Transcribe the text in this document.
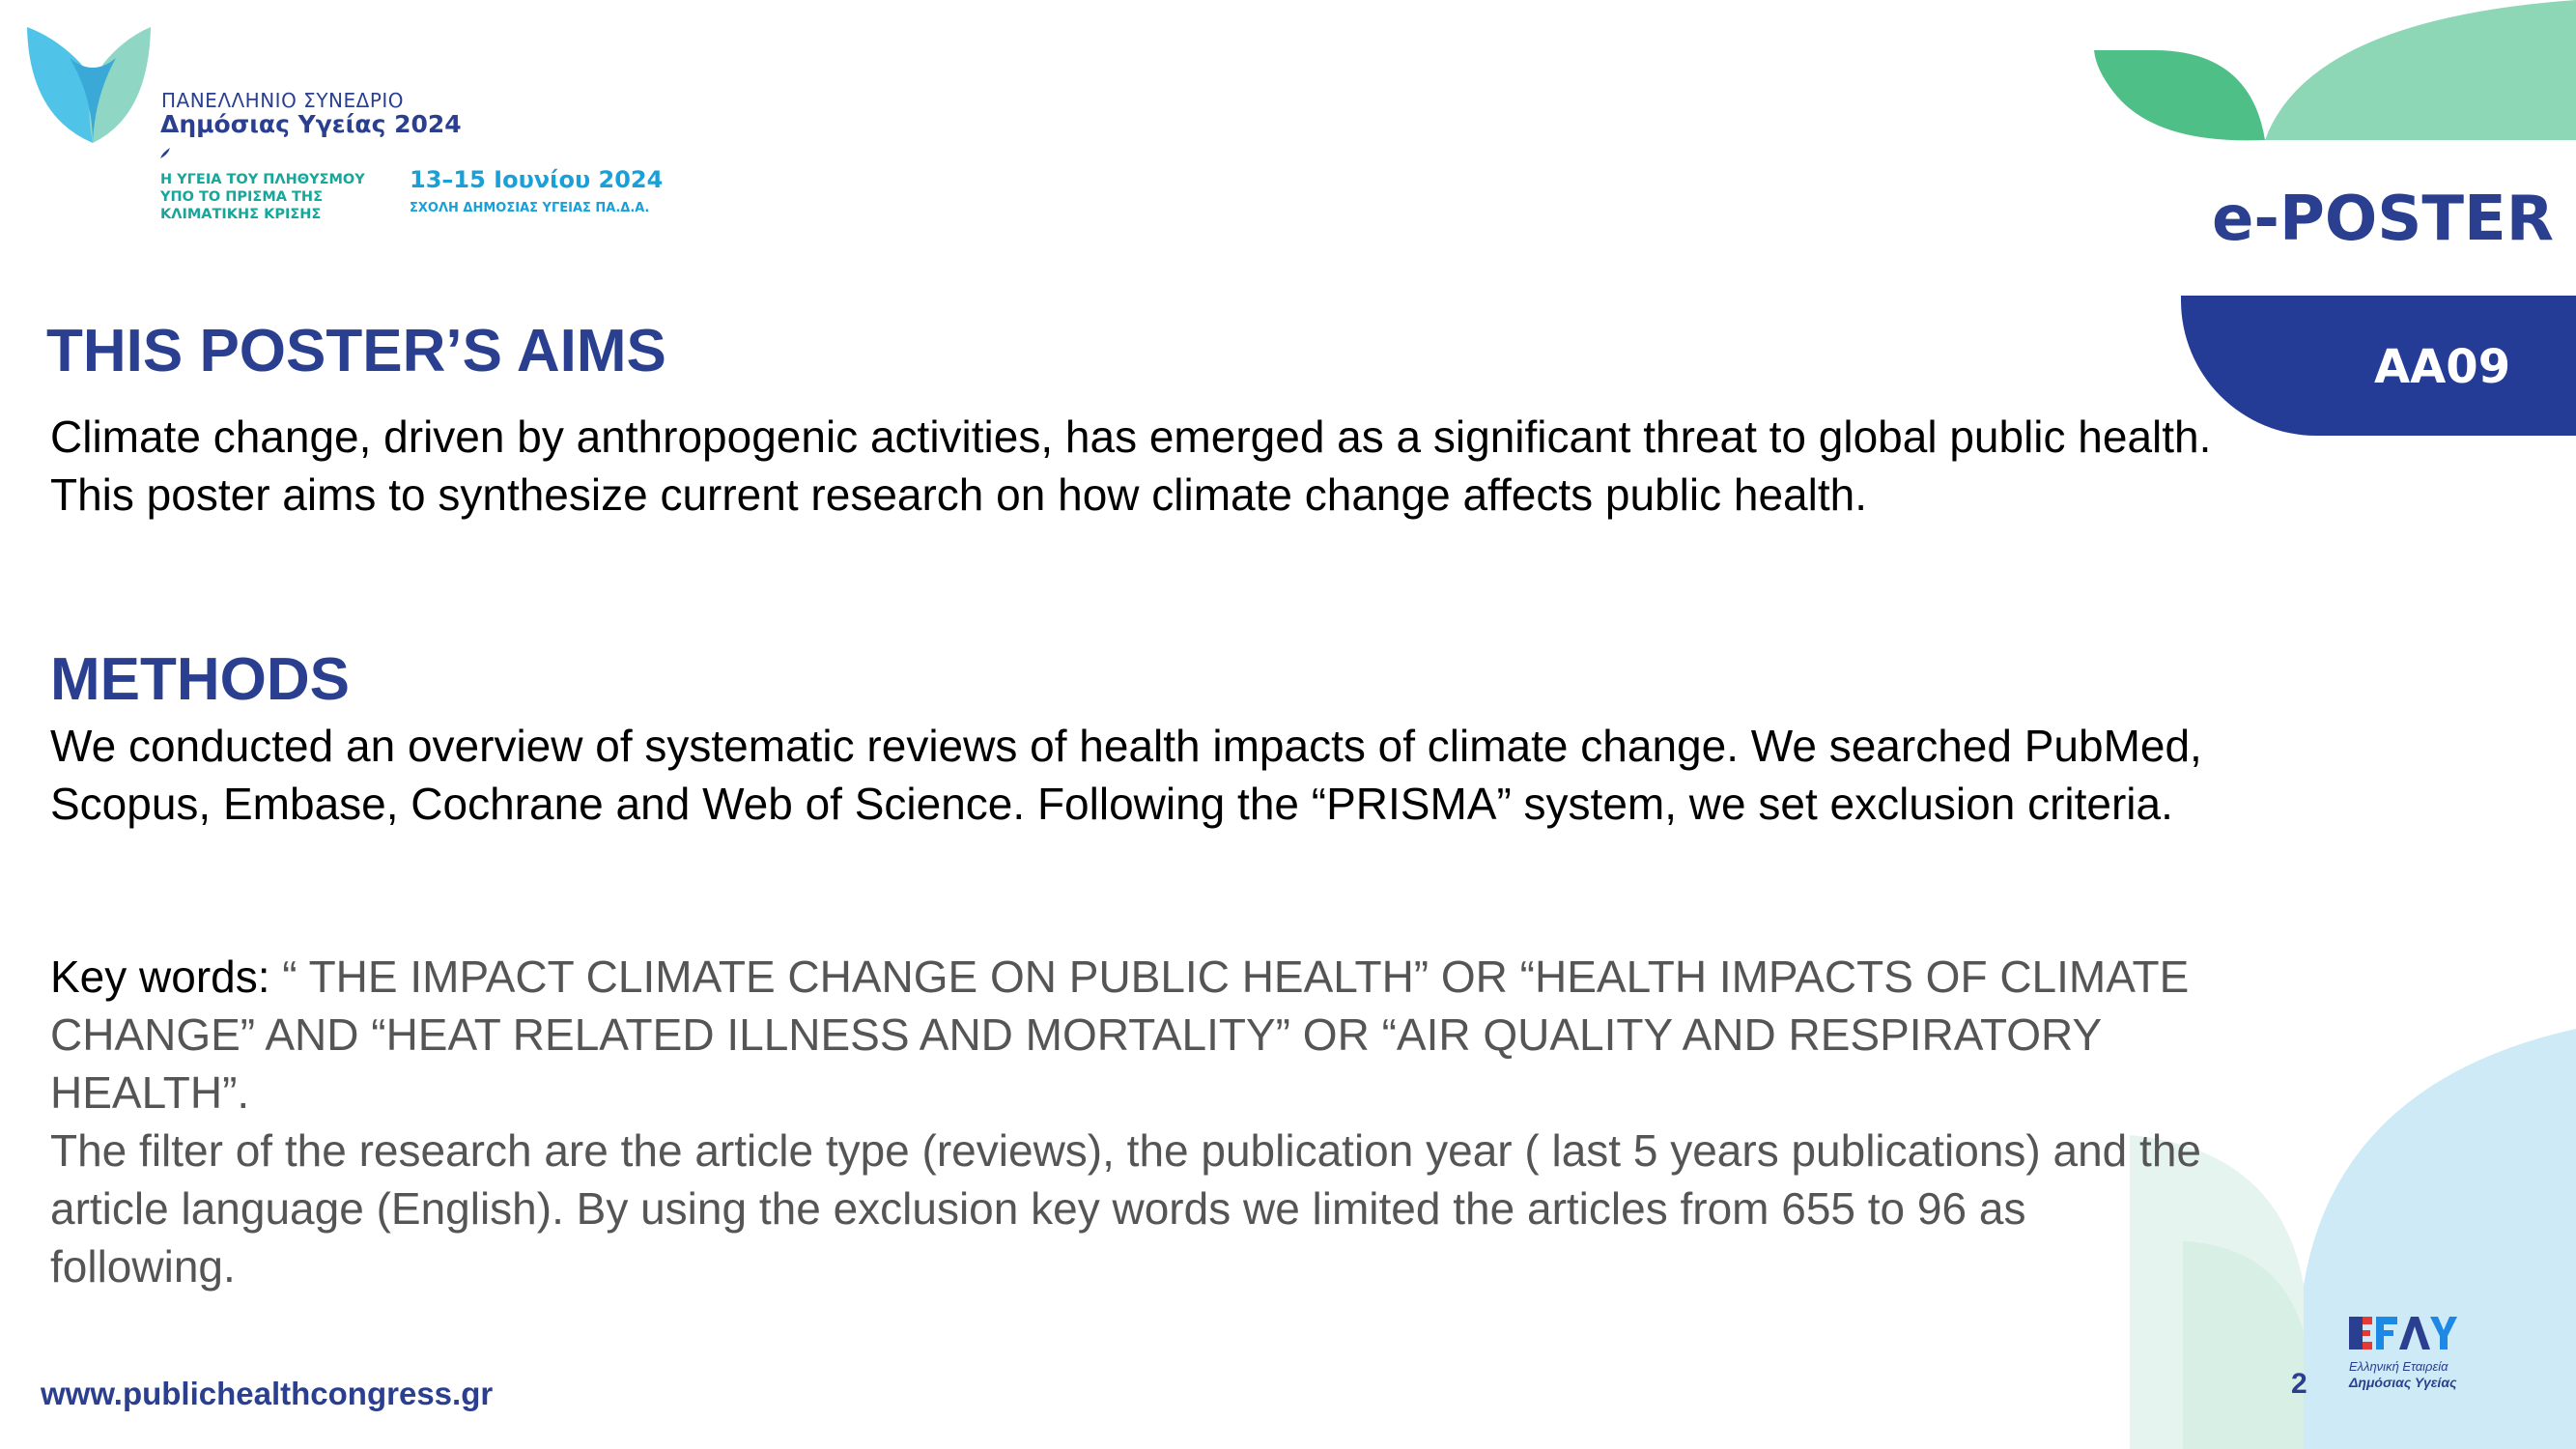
ΠΑΝΕΛΛΗΝΙΟ ΣΥΝΕΔΡΙΟ
Δημόσιας Υγείας 2024
Η ΥΓΕΙΑ ΤΟΥ ΠΛΗΘΥΣΜΟΥ ΥΠΟ ΤΟ ΠΡΙΣΜΑ ΤΗΣ ΚΛΙΜΑΤΙΚΗΣ ΚΡΙΣΗΣ
13–15 Ιουνίου 2024
ΣΧΟΛΗ ΔΗΜΟΣΙΑΣ ΥΓΕΙΑΣ ΠΑ.Δ.Α.	e-POSTER
AA09
THIS POSTER’S AIMS
Climate change, driven by anthropogenic activities, has emerged as a significant threat to global public health.
This poster aims to synthesize current research on how climate change affects public health.
METHODS
We conducted an overview of systematic reviews of health impacts of climate change. We searched PubMed, Scopus, Embase, Cochrane and Web of Science. Following the “PRISMA” system, we set exclusion criteria.
Key words: “ THE IMPACT CLIMATE CHANGE ON PUBLIC HEALTH” OR “HEALTH IMPACTS OF CLIMATE CHANGE” AND “HEAT RELATED ILLNESS AND MORTALITY” OR “AIR QUALITY AND RESPIRATORY HEALTH”.
The filter of the research are the article type (reviews), the publication year ( last 5 years publications) and the article language (English). By using the exclusion key words we limited the articles from 655 to 96 as following.
www.publichealthcongress.gr	2
Ελληνική Εταιρεία
Δημόσιας Υγείας
